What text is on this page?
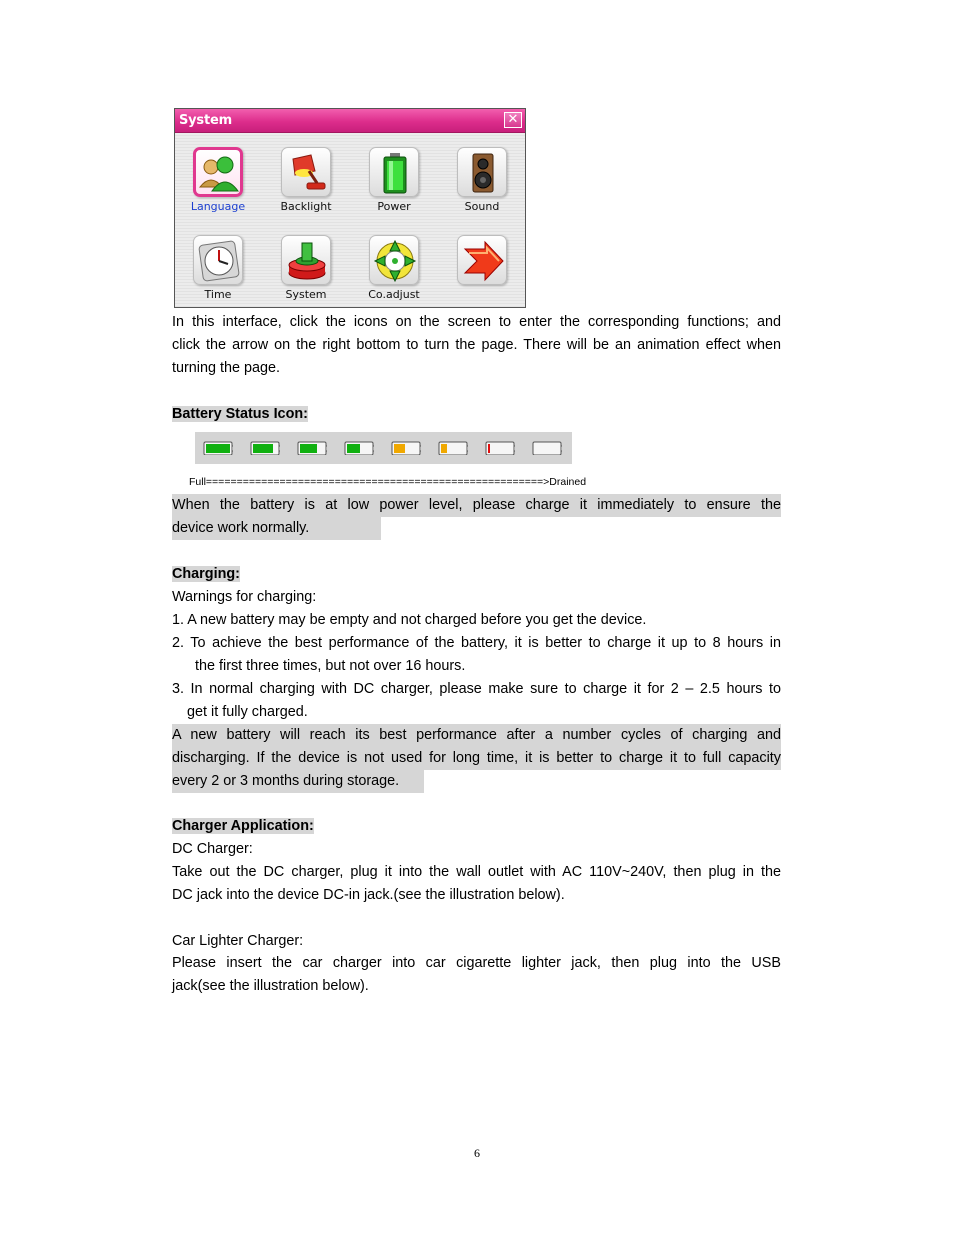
System	✕
Language	Backlight	Power	Sound
Time	System	Co.adjust
In this interface, click the icons on the screen to enter the corresponding functions; and
click the arrow on the right bottom to turn the page. There will be an animation effect when
turning the page.
Battery Status Icon:
Full=======================================================>Drained
When the battery is at low power level, please charge it immediately to ensure the
device work normally.
Charging:
Warnings for charging:
1. A new battery may be empty and not charged before you get the device.
2. To achieve the best performance of the battery, it is better to charge it up to 8 hours in
the first three times, but not over 16 hours.
3. In normal charging with DC charger, please make sure to charge it for 2 – 2.5 hours to
get it fully charged.
A new battery will reach its best performance after a number cycles of charging and
discharging. If the device is not used for long time, it is better to charge it to full capacity
every 2 or 3 months during storage.
Charger Application:
DC Charger:
Take out the DC charger, plug it into the wall outlet with AC 110V~240V, then plug in the
DC jack into the device DC-in jack.(see the illustration below).
Car Lighter Charger:
Please insert the car charger into car cigarette lighter jack, then plug into the USB
jack(see the illustration below).
6
